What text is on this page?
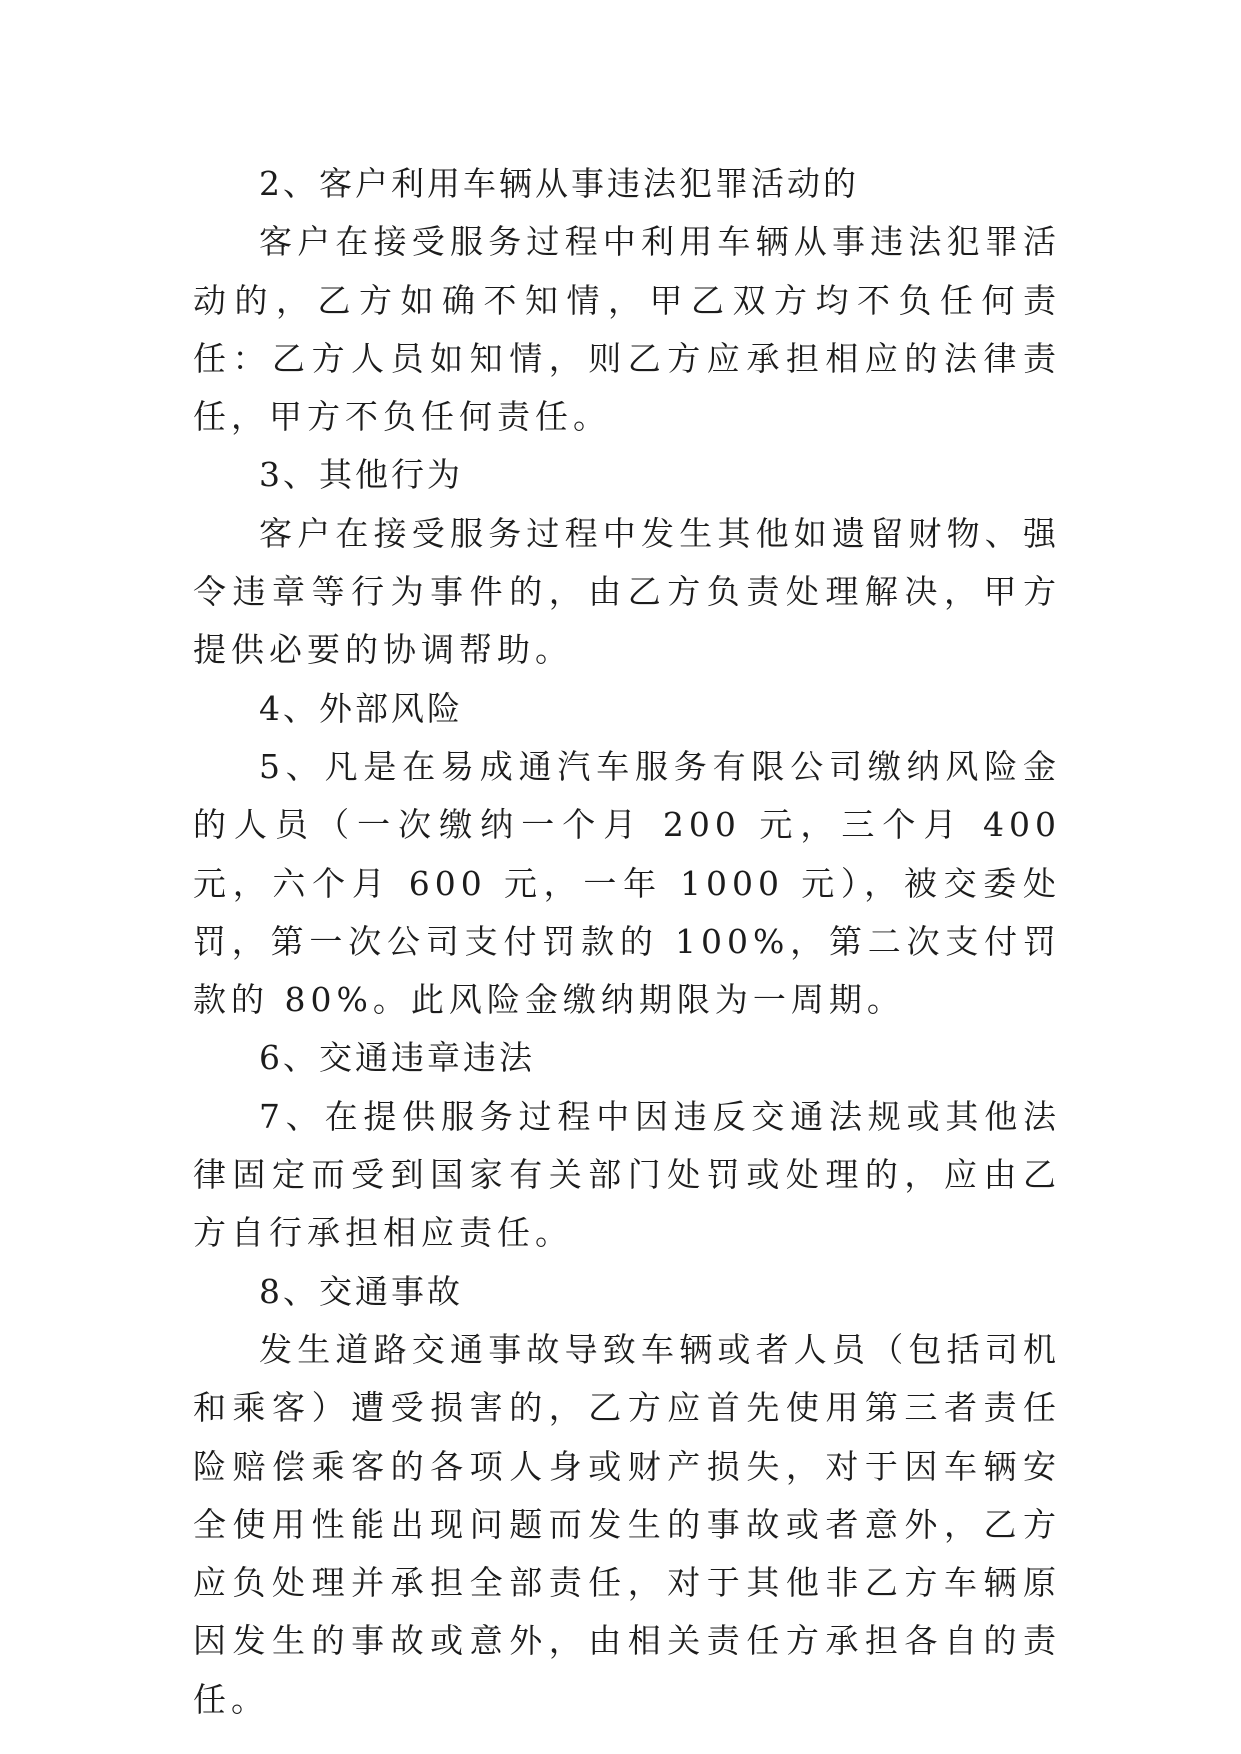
2、客户利用车辆从事违法犯罪活动的

客户在接受服务过程中利用车辆从事违法犯罪活动的，乙方如确不知情，甲乙双方均不负任何责任：乙方人员如知情，则乙方应承担相应的法律责任，甲方不负任何责任。

3、其他行为

客户在接受服务过程中发生其他如遗留财物、强令违章等行为事件的，由乙方负责处理解决，甲方提供必要的协调帮助。

4、外部风险

5、凡是在易成通汽车服务有限公司缴纳风险金的人员（一次缴纳一个月 200 元，三个月 400 元，六个月 600 元，一年 1000 元），被交委处罚，第一次公司支付罚款的 100%，第二次支付罚款的 80%。此风险金缴纳期限为一周期。

6、交通违章违法

7、在提供服务过程中因违反交通法规或其他法律固定而受到国家有关部门处罚或处理的，应由乙方自行承担相应责任。

8、交通事故

发生道路交通事故导致车辆或者人员（包括司机和乘客）遭受损害的，乙方应首先使用第三者责任险赔偿乘客的各项人身或财产损失，对于因车辆安全使用性能出现问题而发生的事故或者意外，乙方应负处理并承担全部责任，对于其他非乙方车辆原因发生的事故或意外，由相关责任方承担各自的责任。
